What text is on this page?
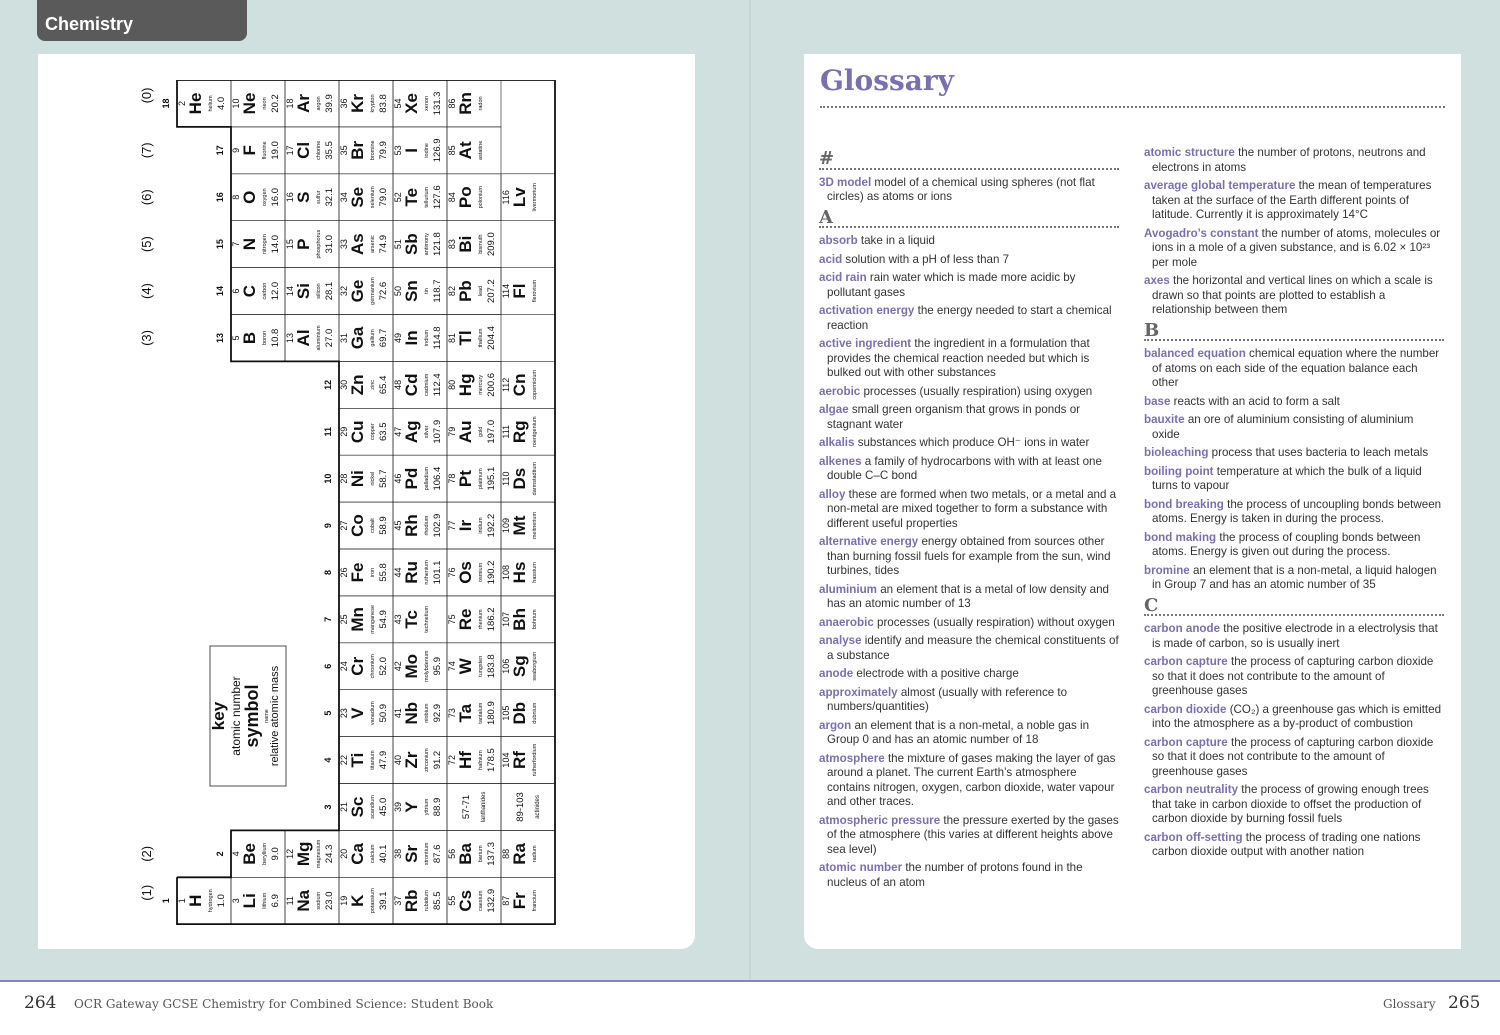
Chemistry
1 H hydrogen 1.0
2 He helium 4.0
3 Li lithium 6.9
4 Be beryllium 9.0
5 B boron 10.8
6 C carbon 12.0
7 N nitrogen 14.0
8 O oxygen 16.0
9 F fluorine 19.0
10 Ne neon 20.2
11 Na sodium 23.0
12 Mg magnesium 24.3
13 Al aluminium 27.0
14 Si silicon 28.1
15 P phosphorus 31.0
16 S sulfur 32.1
17 Cl chlorine 35.5
18 Ar argon 39.9
19 K potassium 39.1
20 Ca calcium 40.1
21 Sc scandium 45.0
22 Ti titanium 47.9
23 V vanadium 50.9
24 Cr chromium 52.0
25 Mn manganese 54.9
26 Fe iron 55.8
27 Co cobalt 58.9
28 Ni nickel 58.7
29 Cu copper 63.5
30 Zn zinc 65.4
31 Ga gallium 69.7
32 Ge germanium 72.6
33 As arsenic 74.9
34 Se selenium 79.0
35 Br bromine 79.9
36 Kr krypton 83.8
37 Rb rubidium 85.5
38 Sr strontium 87.6
39 Y yttrium 88.9
40 Zr zirconium 91.2
41 Nb niobium 92.9
42 Mo molybdenum 95.9
43 Tc technetium
44 Ru ruthenium 101.1
45 Rh rhodium 102.9
46 Pd palladium 106.4
47 Ag silver 107.9
48 Cd cadmium 112.4
49 In indium 114.8
50 Sn tin 118.7
51 Sb antimony 121.8
52 Te tellurium 127.6
53 I iodine 126.9
54 Xe xenon 131.3
55 Cs caesium 132.9
56 Ba barium 137.3
57-71 lanthanides
72 Hf hafnium 178.5
73 Ta tantalum 180.9
74 W tungsten 183.8
75 Re rhenium 186.2
76 Os osmium 190.2
77 Ir iridium 192.2
78 Pt platinum 195.1
79 Au gold 197.0
80 Hg mercury 200.6
81 Tl thallium 204.4
82 Pb lead 207.2
83 Bi bismuth 209.0
84 Po polonium
85 At astatine
86 Rn radon
87 Fr francium
88 Ra radium
89-103 actinides
104 Rf rutherfordium
105 Db dubnium
106 Sg seaborgium
107 Bh bohrium
108 Hs hassium
109 Mt meitnerium
110 Ds darmstadtium
111 Rg roentgenium
112 Cn copernicium
114 Fl flerovium
116 Lv livermorium
1
2
3
4
5
6
7
8
9
10
11
12
13
14
15
16
17
18
(1)
(2)
(3)
(4)
(5)
(6)
(7)
(0)
key atomic number symbol name relative atomic mass
Glossary
#
3D model model of a chemical using spheres (not flat circles) as atoms or ions
A
absorb take in a liquid
acid solution with a pH of less than 7
acid rain rain water which is made more acidic by pollutant gases
activation energy the energy needed to start a chemical reaction
active ingredient the ingredient in a formulation that provides the chemical reaction needed but which is bulked out with other substances
aerobic processes (usually respiration) using oxygen
algae small green organism that grows in ponds or stagnant water
alkalis substances which produce OH⁻ ions in water
alkenes a family of hydrocarbons with with at least one double C–C bond
alloy these are formed when two metals, or a metal and a non-metal are mixed together to form a substance with different useful properties
alternative energy energy obtained from sources other than burning fossil fuels for example from the sun, wind turbines, tides
aluminium an element that is a metal of low density and has an atomic number of 13
anaerobic processes (usually respiration) without oxygen
analyse identify and measure the chemical constituents of a substance
anode electrode with a positive charge
approximately almost (usually with reference to numbers/quantities)
argon an element that is a non-metal, a noble gas in Group 0 and has an atomic number of 18
atmosphere the mixture of gases making the layer of gas around a planet. The current Earth’s atmosphere contains nitrogen, oxygen, carbon dioxide, water vapour and other traces.
atmospheric pressure the pressure exerted by the gases of the atmosphere (this varies at different heights above sea level)
atomic number the number of protons found in the nucleus of an atom
atomic structure the number of protons, neutrons and electrons in atoms
average global temperature the mean of temperatures taken at the surface of the Earth different points of latitude. Currently it is approximately 14°C
Avogadro’s constant the number of atoms, molecules or ions in a mole of a given substance, and is 6.02 × 10²³ per mole
axes the horizontal and vertical lines on which a scale is drawn so that points are plotted to establish a relationship between them
B
balanced equation chemical equation where the number of atoms on each side of the equation balance each other
base reacts with an acid to form a salt
bauxite an ore of aluminium consisting of aluminium oxide
bioleaching process that uses bacteria to leach metals
boiling point temperature at which the bulk of a liquid turns to vapour
bond breaking the process of uncoupling bonds between atoms. Energy is taken in during the process.
bond making the process of coupling bonds between atoms. Energy is given out during the process.
bromine an element that is a non-metal, a liquid halogen in Group 7 and has an atomic number of 35
C
carbon anode the positive electrode in a electrolysis that is made of carbon, so is usually inert
carbon capture the process of capturing carbon dioxide so that it does not contribute to the amount of greenhouse gases
carbon dioxide (CO₂) a greenhouse gas which is emitted into the atmosphere as a by-product of combustion
carbon capture the process of capturing carbon dioxide so that it does not contribute to the amount of greenhouse gases
carbon neutrality the process of growing enough trees that take in carbon dioxide to offset the production of carbon dioxide by burning fossil fuels
carbon off-setting the process of trading one nations carbon dioxide output with another nation
264 OCR Gateway GCSE Chemistry for Combined Science: Student Book	Glossary 265
